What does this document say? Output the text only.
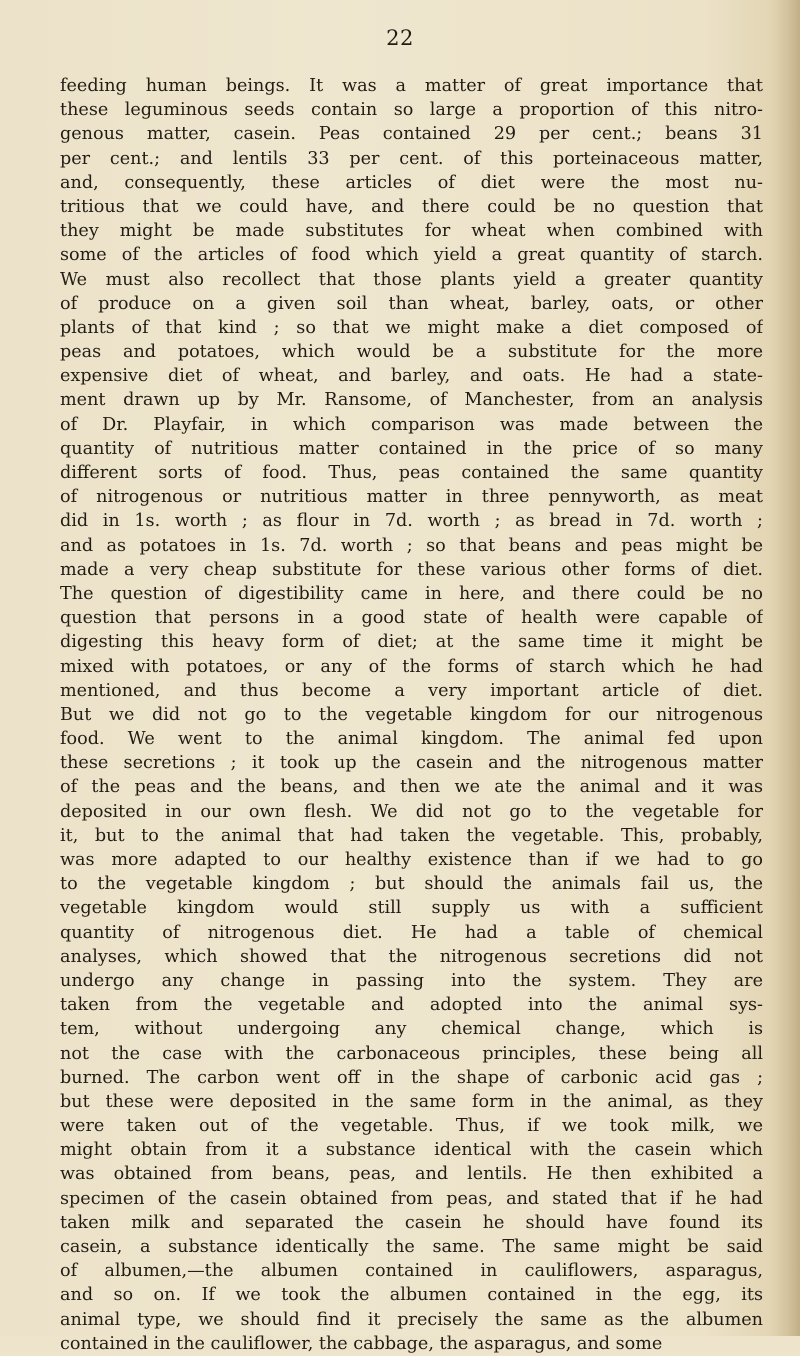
22
feeding human beings. It was a matter of great importance that
these leguminous seeds contain so large a proportion of this nitro-
genous matter, casein. Peas contained 29 per cent.; beans 31
per cent.; and lentils 33 per cent. of this porteinaceous matter,
and, consequently, these articles of diet were the most nu-
tritious that we could have, and there could be no question that
they might be made substitutes for wheat when combined with
some of the articles of food which yield a great quantity of starch.
We must also recollect that those plants yield a greater quantity
of produce on a given soil than wheat, barley, oats, or other
plants of that kind ; so that we might make a diet composed of
peas and potatoes, which would be a substitute for the more
expensive diet of wheat, and barley, and oats. He had a state-
ment drawn up by Mr. Ransome, of Manchester, from an analysis
of Dr. Playfair, in which comparison was made between the
quantity of nutritious matter contained in the price of so many
different sorts of food. Thus, peas contained the same quantity
of nitrogenous or nutritious matter in three pennyworth, as meat
did in 1s. worth ; as flour in 7d. worth ; as bread in 7d. worth ;
and as potatoes in 1s. 7d. worth ; so that beans and peas might be
made a very cheap substitute for these various other forms of diet.
The question of digestibility came in here, and there could be no
question that persons in a good state of health were capable of
digesting this heavy form of diet; at the same time it might be
mixed with potatoes, or any of the forms of starch which he had
mentioned, and thus become a very important article of diet.
But we did not go to the vegetable kingdom for our nitrogenous
food. We went to the animal kingdom. The animal fed upon
these secretions ; it took up the casein and the nitrogenous matter
of the peas and the beans, and then we ate the animal and it was
deposited in our own flesh. We did not go to the vegetable for
it, but to the animal that had taken the vegetable. This, probably,
was more adapted to our healthy existence than if we had to go
to the vegetable kingdom ; but should the animals fail us, the
vegetable kingdom would still supply us with a sufficient
quantity of nitrogenous diet. He had a table of chemical
analyses, which showed that the nitrogenous secretions did not
undergo any change in passing into the system. They are
taken from the vegetable and adopted into the animal sys-
tem, without undergoing any chemical change, which is
not the case with the carbonaceous principles, these being all
burned. The carbon went off in the shape of carbonic acid gas ;
but these were deposited in the same form in the animal, as they
were taken out of the vegetable. Thus, if we took milk, we
might obtain from it a substance identical with the casein which
was obtained from beans, peas, and lentils. He then exhibited a
specimen of the casein obtained from peas, and stated that if he had
taken milk and separated the casein he should have found its
casein, a substance identically the same. The same might be said
of albumen,—the albumen contained in cauliflowers, asparagus,
and so on. If we took the albumen contained in the egg, its
animal type, we should find it precisely the same as the albumen
contained in the cauliflower, the cabbage, the asparagus, and some
